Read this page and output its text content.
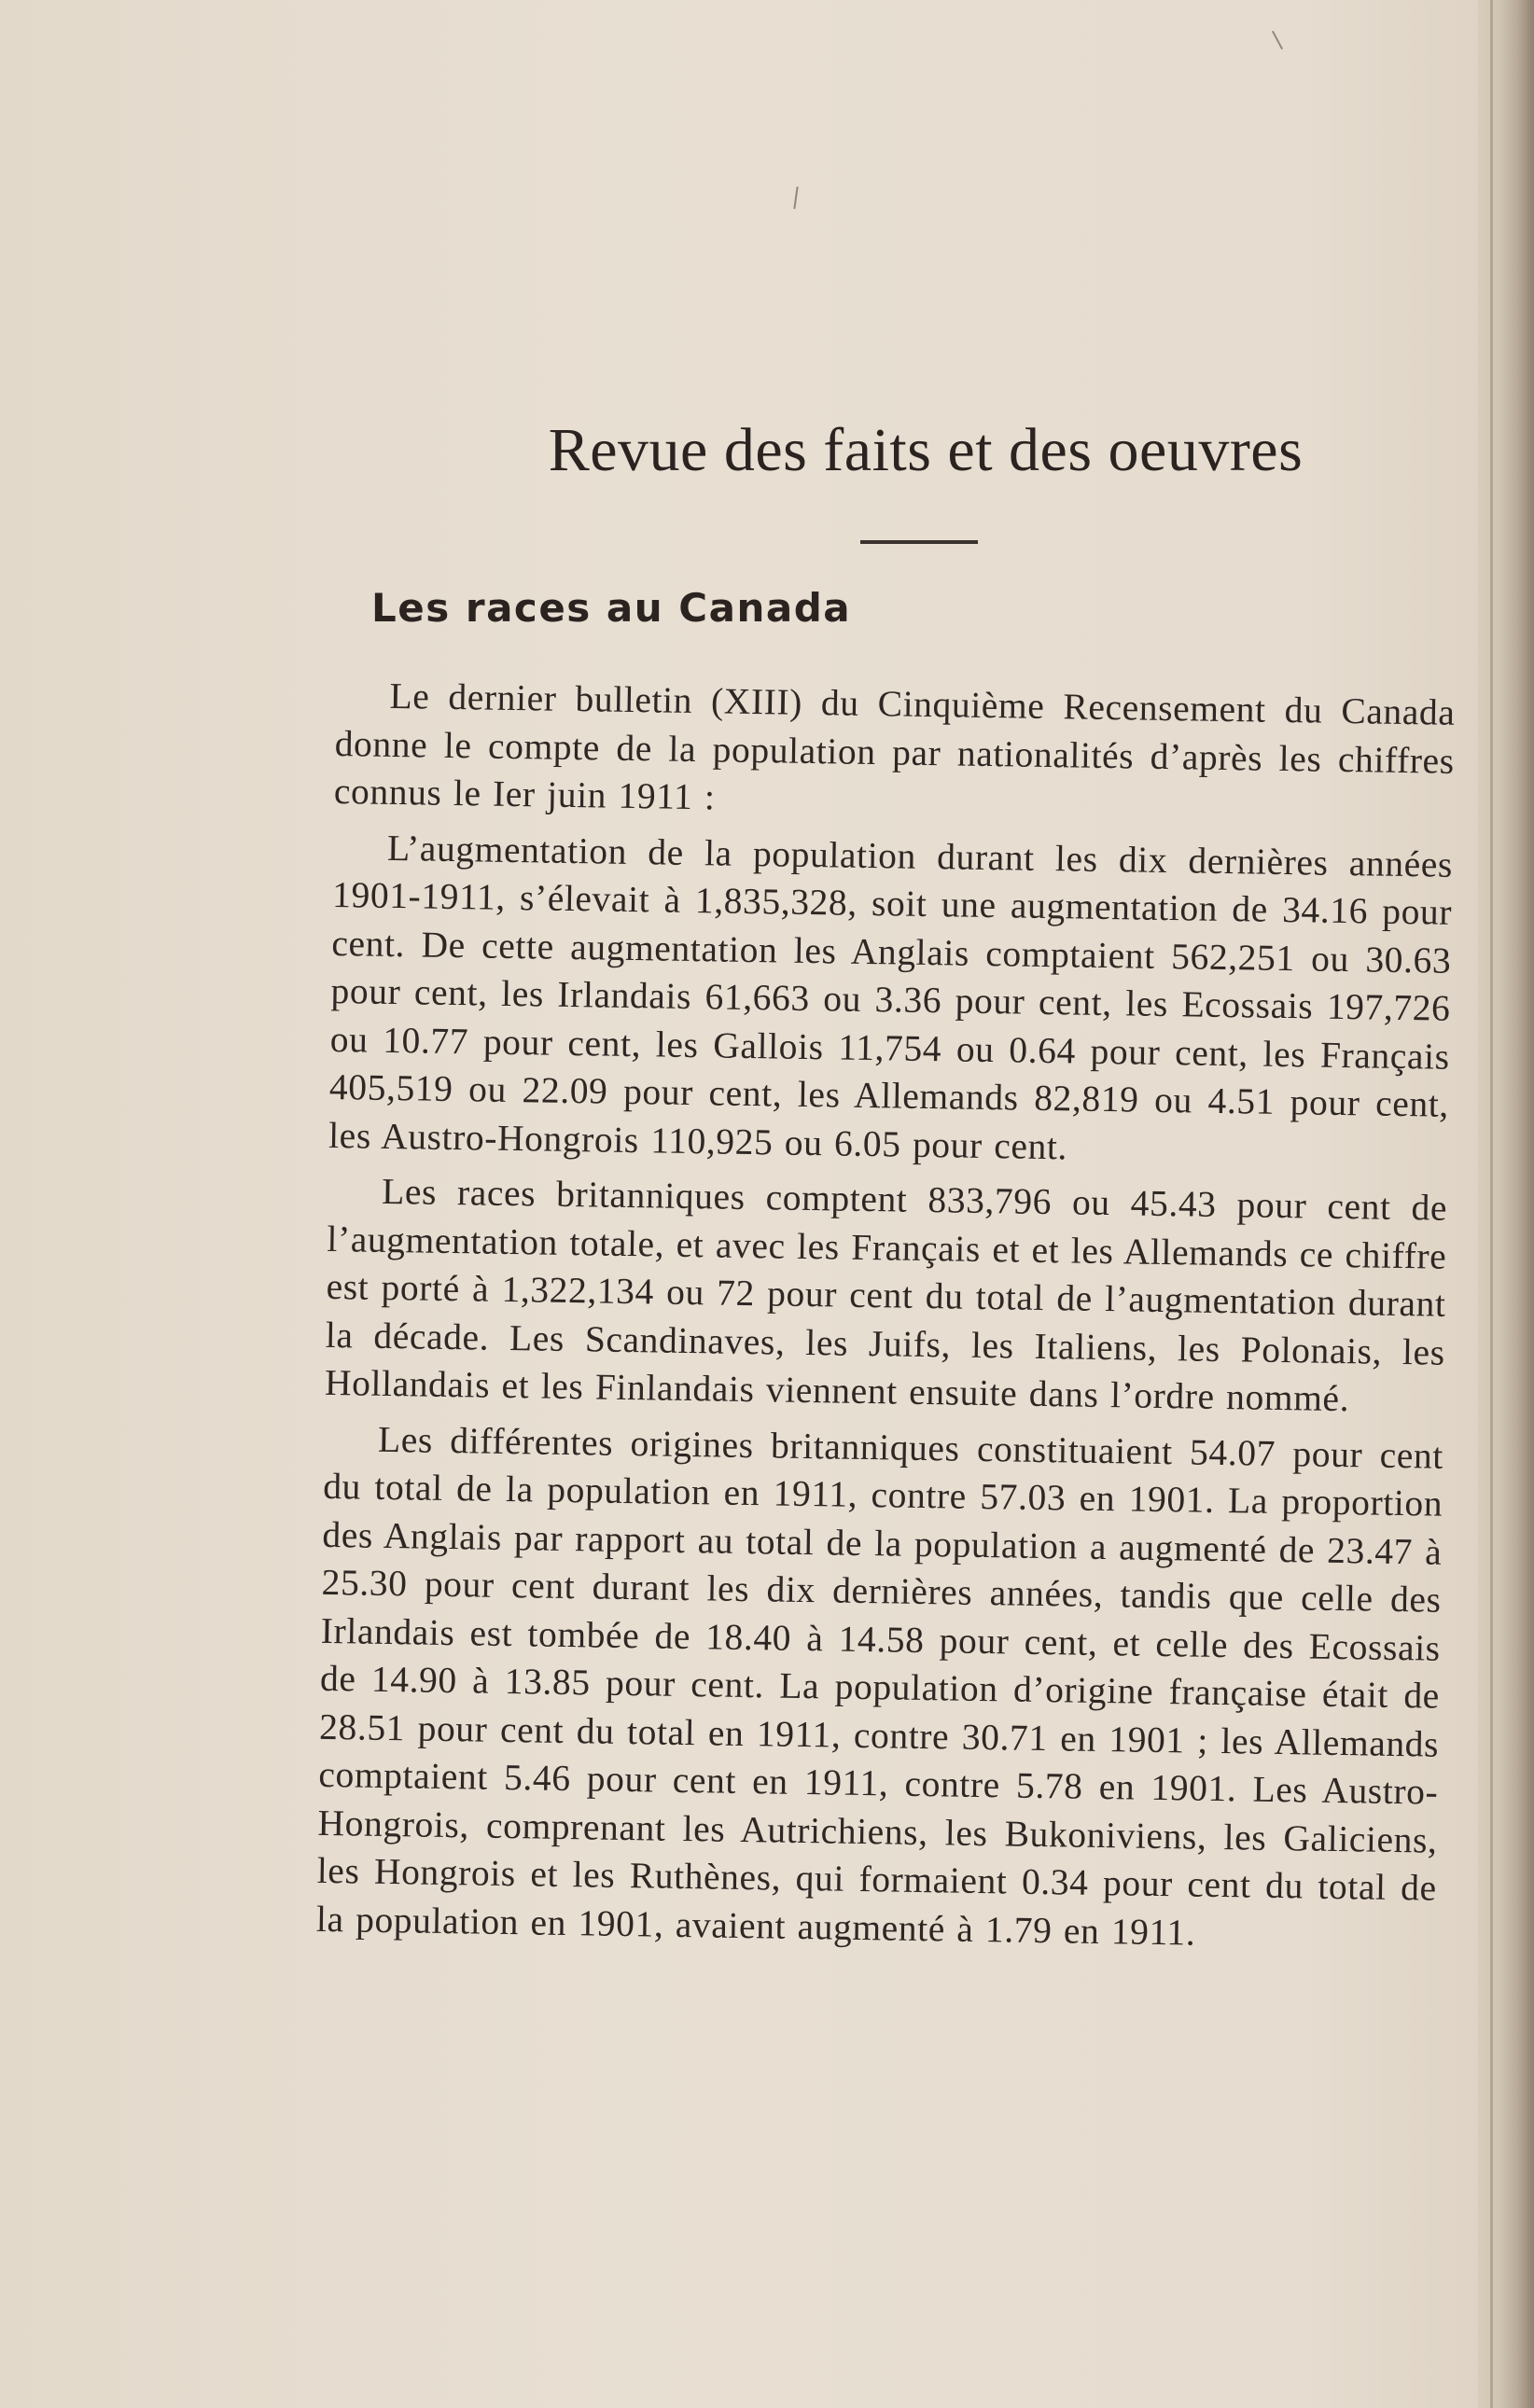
Revue des faits et des oeuvres
Les races au Canada

Le dernier bulletin (XIII) du Cinquième Recensement du Canada donne le compte de la population par nationalités d’après les chiffres connus le Ier juin 1911 :

L’augmentation de la population durant les dix dernières années 1901-1911, s’élevait à 1,835,328, soit une augmentation de 34.16 pour cent. De cette augmentation les Anglais comptaient 562,251 ou 30.63 pour cent, les Irlandais 61,663 ou 3.36 pour cent, les Ecossais 197,726 ou 10.77 pour cent, les Gallois 11,754 ou 0.64 pour cent, les Français 405,519 ou 22.09 pour cent, les Allemands 82,819 ou 4.51 pour cent, les Austro-Hongrois 110,925 ou 6.05 pour cent.

Les races britanniques comptent 833,796 ou 45.43 pour cent de l’augmentation totale, et avec les Français et et les Allemands ce chiffre est porté à 1,322,134 ou 72 pour cent du total de l’augmentation durant la décade. Les Scandinaves, les Juifs, les Italiens, les Polonais, les Hollandais et les Finlandais viennent ensuite dans l’ordre nommé.

Les différentes origines britanniques constituaient 54.07 pour cent du total de la population en 1911, contre 57.03 en 1901. La proportion des Anglais par rapport au total de la population a augmenté de 23.47 à 25.30 pour cent durant les dix dernières années, tandis que celle des Irlandais est tombée de 18.40 à 14.58 pour cent, et celle des Ecossais de 14.90 à 13.85 pour cent. La population d’origine française était de 28.51 pour cent du total en 1911, contre 30.71 en 1901 ; les Allemands comptaient 5.46 pour cent en 1911, contre 5.78 en 1901. Les Austro-Hongrois, comprenant les Autrichiens, les Bukoniviens, les Galiciens, les Hongrois et les Ruthènes, qui formaient 0.34 pour cent du total de la population en 1901, avaient augmenté à 1.79 en 1911.
